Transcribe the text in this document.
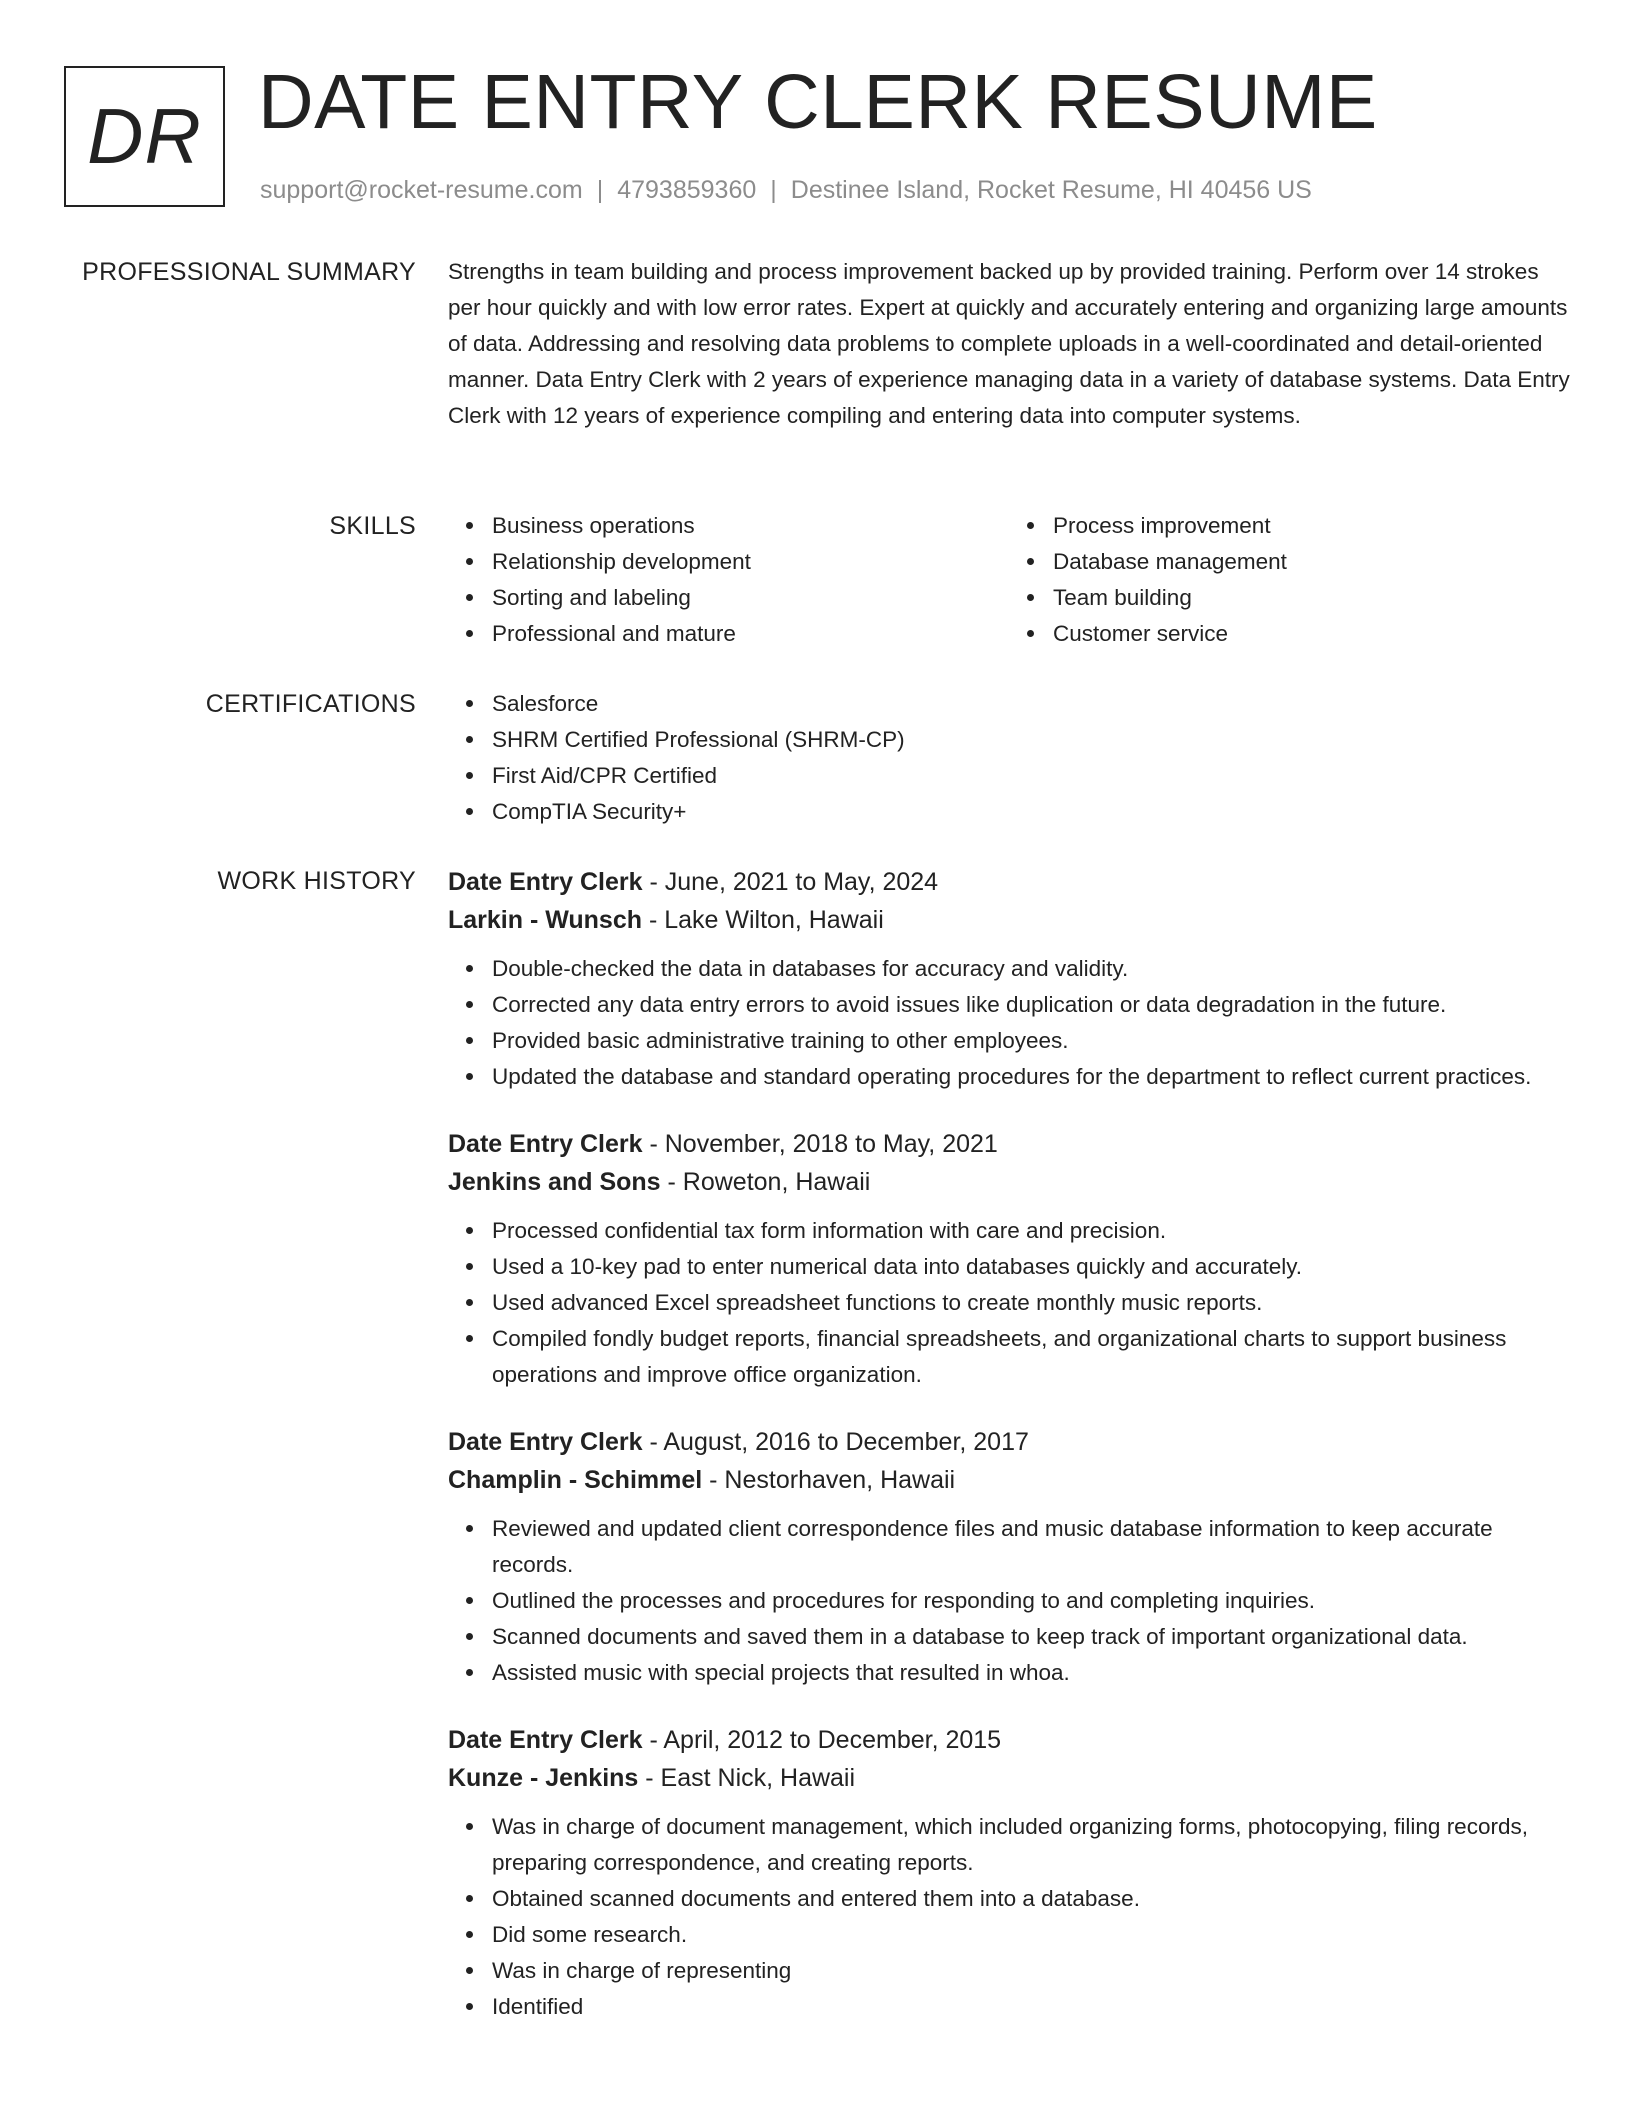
DR DATE ENTRY CLERK RESUME
support@rocket-resume.com | 4793859360 | Destinee Island, Rocket Resume, HI 40456 US
PROFESSIONAL SUMMARY Strengths in team building and process improvement backed up by provided training. Perform over 14 strokes per hour quickly and with low error rates. Expert at quickly and accurately entering and organizing large amounts of data. Addressing and resolving data problems to complete uploads in a well-coordinated and detail-oriented manner. Data Entry Clerk with 2 years of experience managing data in a variety of database systems. Data Entry Clerk with 12 years of experience compiling and entering data into computer systems.

SKILLS	Business operations
Relationship development
Sorting and labeling
Professional and mature
Process improvement
Database management
Team building
Customer service
CERTIFICATIONS	Salesforce
SHRM Certified Professional (SHRM-CP)
First Aid/CPR Certified
CompTIA Security+
WORK HISTORY Date Entry Clerk - June, 2021 to May, 2024
Larkin - Wunsch - Lake Wilton, Hawaii
Double-checked the data in databases for accuracy and validity.
Corrected any data entry errors to avoid issues like duplication or data degradation in the future.
Provided basic administrative training to other employees.
Updated the database and standard operating procedures for the department to reflect current practices.
Date Entry Clerk - November, 2018 to May, 2021
Jenkins and Sons - Roweton, Hawaii
Processed confidential tax form information with care and precision.
Used a 10-key pad to enter numerical data into databases quickly and accurately.
Used advanced Excel spreadsheet functions to create monthly music reports.
Compiled fondly budget reports, financial spreadsheets, and organizational charts to support business operations and improve office organization.
Date Entry Clerk - August, 2016 to December, 2017
Champlin - Schimmel - Nestorhaven, Hawaii
Reviewed and updated client correspondence files and music database information to keep accurate records.
Outlined the processes and procedures for responding to and completing inquiries.
Scanned documents and saved them in a database to keep track of important organizational data.
Assisted music with special projects that resulted in whoa.
Date Entry Clerk - April, 2012 to December, 2015
Kunze - Jenkins - East Nick, Hawaii
Was in charge of document management, which included organizing forms, photocopying, filing records, preparing correspondence, and creating reports.
Obtained scanned documents and entered them into a database.
Did some research.
Was in charge of representing
Identified
